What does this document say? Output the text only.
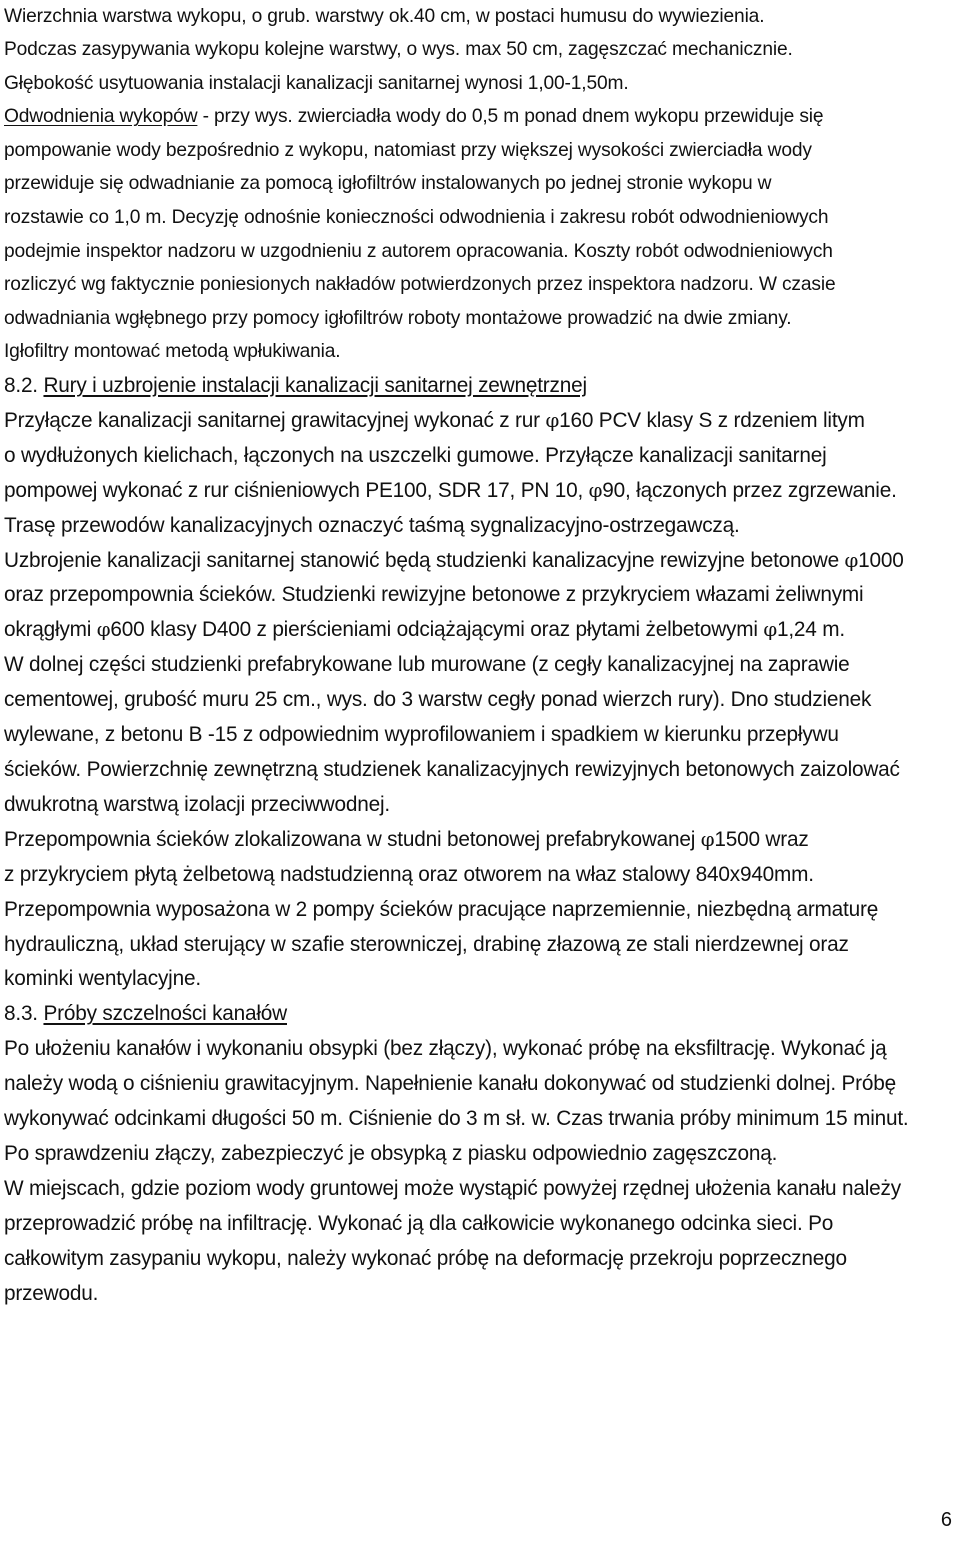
Wierzchnia warstwa wykopu, o grub. warstwy ok.40 cm, w postaci humusu do wywiezienia.

Podczas zasypywania wykopu kolejne warstwy, o wys. max 50 cm, zagęszczać mechanicznie.

Głębokość usytuowania instalacji kanalizacji sanitarnej wynosi 1,00-1,50m.

Odwodnienia wykopów - przy wys. zwierciadła wody do 0,5 m ponad dnem wykopu przewiduje się

pompowanie wody bezpośrednio z wykopu, natomiast przy większej wysokości zwierciadła wody

przewiduje się odwadnianie za pomocą igłofiltrów instalowanych po jednej stronie wykopu w

rozstawie co 1,0 m. Decyzję odnośnie konieczności odwodnienia i zakresu robót odwodnieniowych

podejmie inspektor nadzoru w uzgodnieniu z autorem opracowania. Koszty robót odwodnieniowych

rozliczyć wg faktycznie poniesionych nakładów potwierdzonych przez inspektora nadzoru. W czasie

odwadniania wgłębnego przy pomocy igłofiltrów roboty montażowe prowadzić na dwie zmiany.

Igłofiltry montować metodą wpłukiwania.

8.2. Rury i uzbrojenie instalacji kanalizacji sanitarnej zewnętrznej

Przyłącze kanalizacji sanitarnej grawitacyjnej wykonać z rur φ160 PCV klasy S z rdzeniem litym

o wydłużonych kielichach, łączonych na uszczelki gumowe. Przyłącze kanalizacji sanitarnej

pompowej wykonać z rur ciśnieniowych PE100, SDR 17, PN 10, φ90, łączonych przez zgrzewanie.

Trasę przewodów kanalizacyjnych oznaczyć taśmą sygnalizacyjno-ostrzegawczą.

Uzbrojenie kanalizacji sanitarnej stanowić będą studzienki kanalizacyjne rewizyjne betonowe φ1000

oraz przepompownia ścieków. Studzienki rewizyjne betonowe z przykryciem włazami żeliwnymi

okrągłymi φ600 klasy D400 z pierścieniami odciążającymi oraz płytami żelbetowymi φ1,24 m.

W dolnej części studzienki prefabrykowane lub murowane (z cegły kanalizacyjnej na zaprawie

cementowej, grubość muru 25 cm., wys. do 3 warstw cegły ponad wierzch rury). Dno studzienek

wylewane, z betonu B -15 z odpowiednim wyprofilowaniem i spadkiem w kierunku przepływu

ścieków. Powierzchnię zewnętrzną studzienek kanalizacyjnych rewizyjnych betonowych zaizolować

dwukrotną warstwą izolacji przeciwwodnej.

Przepompownia ścieków zlokalizowana w studni betonowej prefabrykowanej φ1500 wraz

z przykryciem płytą żelbetową nadstudzienną oraz otworem na właz stalowy 840x940mm.

Przepompownia wyposażona w 2 pompy ścieków pracujące naprzemiennie, niezbędną armaturę

hydrauliczną, układ sterujący w szafie sterowniczej, drabinę złazową ze stali nierdzewnej oraz

kominki wentylacyjne.

8.3. Próby szczelności kanałów

Po ułożeniu kanałów i wykonaniu obsypki (bez złączy), wykonać próbę na eksfiltrację. Wykonać ją

należy wodą o ciśnieniu grawitacyjnym. Napełnienie kanału dokonywać od studzienki dolnej. Próbę

wykonywać odcinkami długości 50 m. Ciśnienie do 3 m sł. w. Czas trwania próby minimum 15 minut.

Po sprawdzeniu złączy, zabezpieczyć je obsypką z piasku odpowiednio zagęszczoną.

W miejscach, gdzie poziom wody gruntowej może wystąpić powyżej rzędnej ułożenia kanału należy

przeprowadzić próbę na infiltrację. Wykonać ją dla całkowicie wykonanego odcinka sieci. Po

całkowitym zasypaniu wykopu, należy wykonać próbę na deformację przekroju poprzecznego

przewodu.

6
